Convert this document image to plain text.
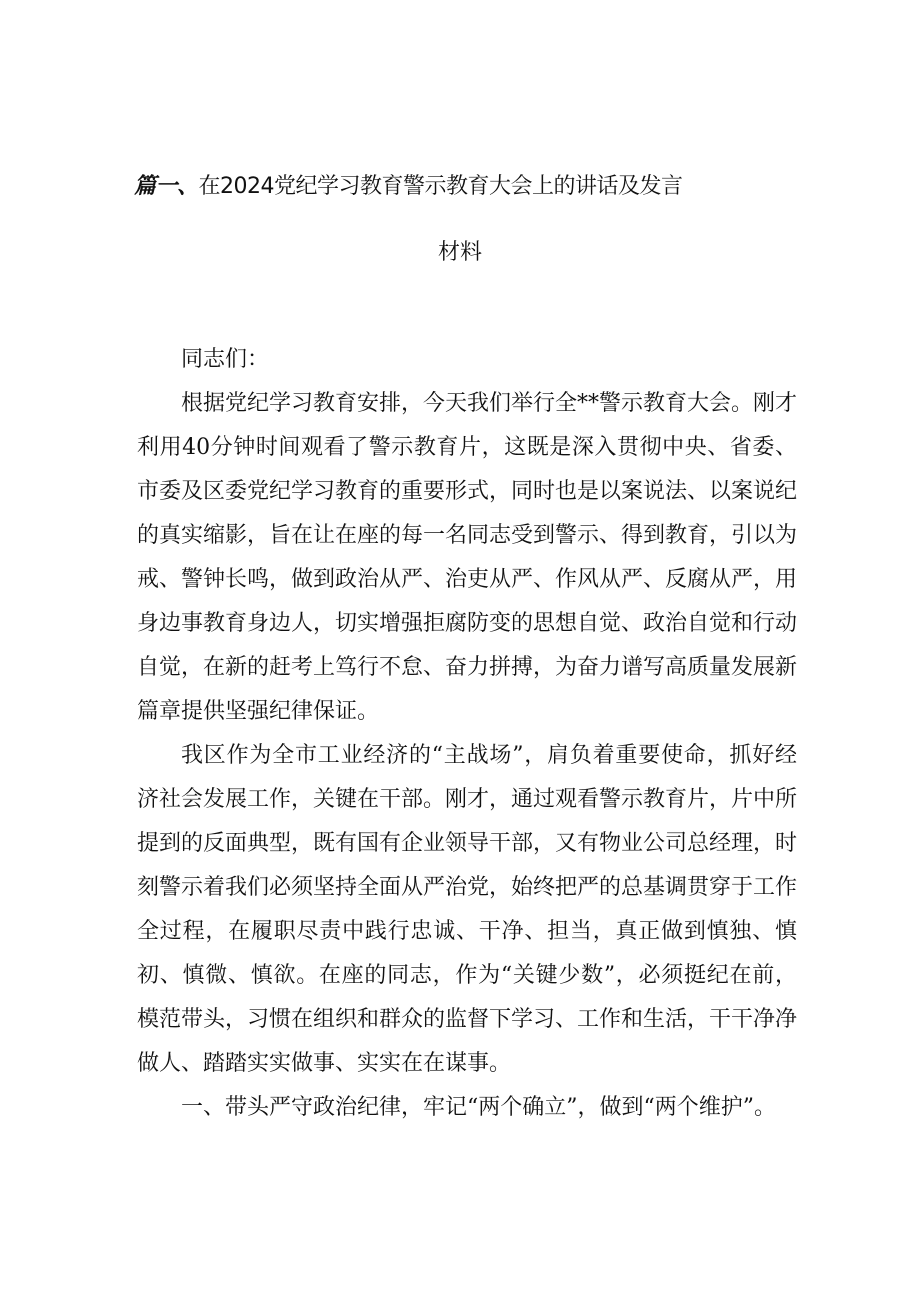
篇一、在2024党纪学习教育警示教育大会上的讲话及发言
材料

同志们：

根据党纪学习教育安排，今天我们举行全**警示教育大会。刚才利用40分钟时间观看了警示教育片，这既是深入贯彻中央、省委、市委及区委党纪学习教育的重要形式，同时也是以案说法、以案说纪的真实缩影，旨在让在座的每一名同志受到警示、得到教育，引以为戒、警钟长鸣，做到政治从严、治吏从严、作风从严、反腐从严，用身边事教育身边人，切实增强拒腐防变的思想自觉、政治自觉和行动自觉，在新的赶考上笃行不怠、奋力拼搏，为奋力谱写高质量发展新篇章提供坚强纪律保证。

我区作为全市工业经济的“主战场”，肩负着重要使命，抓好经济社会发展工作，关键在干部。刚才，通过观看警示教育片，片中所提到的反面典型，既有国有企业领导干部，又有物业公司总经理，时刻警示着我们必须坚持全面从严治党，始终把严的总基调贯穿于工作全过程，在履职尽责中践行忠诚、干净、担当，真正做到慎独、慎初、慎微、慎欲。在座的同志，作为“关键少数”，必须挺纪在前，模范带头，习惯在组织和群众的监督下学习、工作和生活，干干净净做人、踏踏实实做事、实实在在谋事。

一、带头严守政治纪律，牢记“两个确立”，做到“两个维护”。
